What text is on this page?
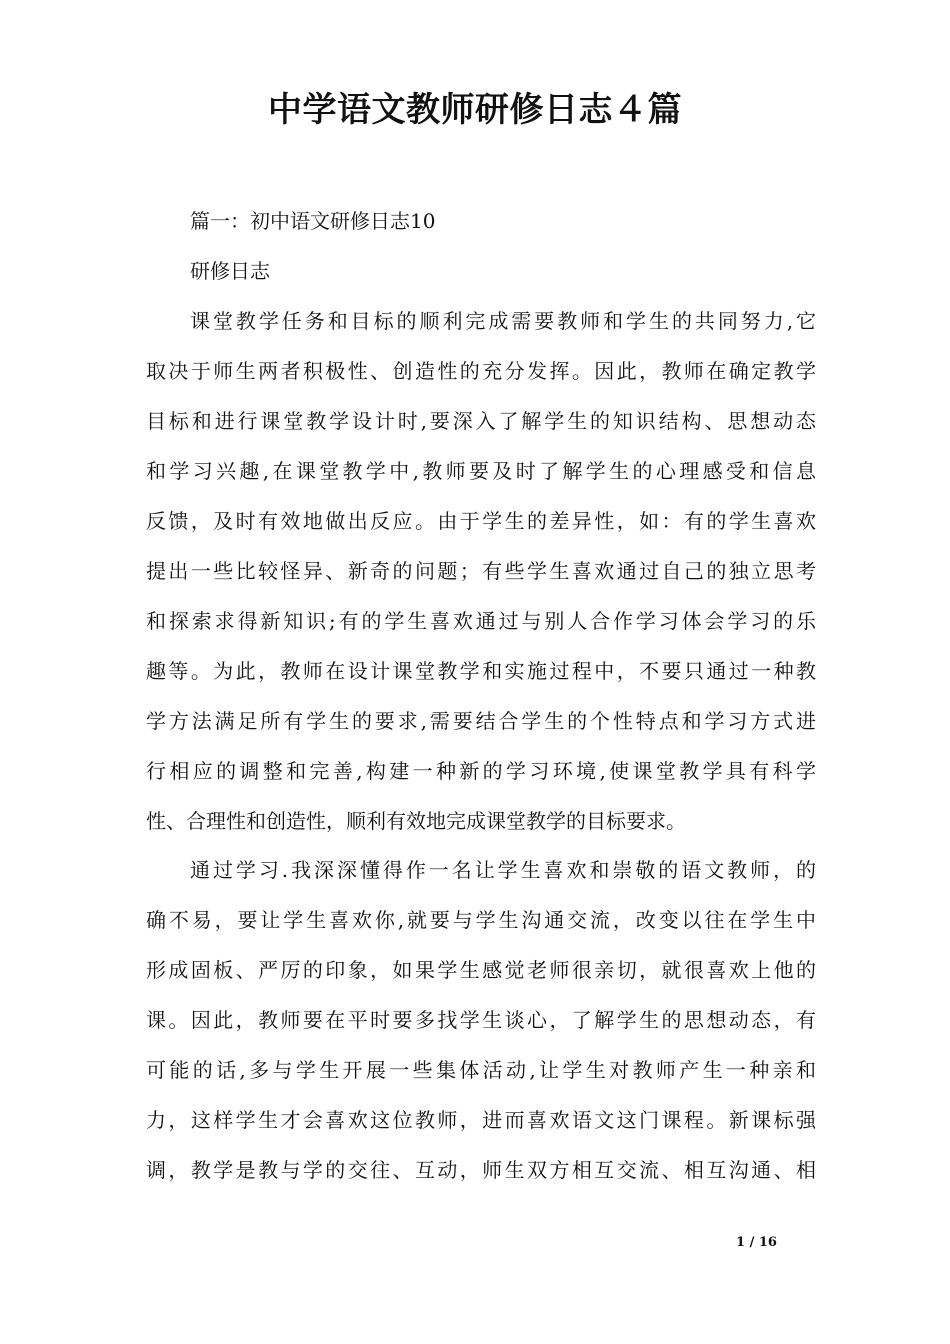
中学语文教师研修日志４篇

篇一：初中语文研修日志10

研修日志

课堂教学任务和目标的顺利完成需要教师和学生的共同努力,它
取决于师生两者积极性、创造性的充分发挥。因此，教师在确定教学
目标和进行课堂教学设计时,要深入了解学生的知识结构、思想动态
和学习兴趣,在课堂教学中,教师要及时了解学生的心理感受和信息
反馈，及时有效地做出反应。由于学生的差异性，如：有的学生喜欢
提出一些比较怪异、新奇的问题；有些学生喜欢通过自己的独立思考
和探索求得新知识;有的学生喜欢通过与别人合作学习体会学习的乐
趣等。为此，教师在设计课堂教学和实施过程中，不要只通过一种教
学方法满足所有学生的要求,需要结合学生的个性特点和学习方式进
行相应的调整和完善,构建一种新的学习环境,使课堂教学具有科学
性、合理性和创造性，顺利有效地完成课堂教学的目标要求。
通过学习.我深深懂得作一名让学生喜欢和崇敬的语文教师，的
确不易，要让学生喜欢你,就要与学生沟通交流，改变以往在学生中
形成固板、严厉的印象，如果学生感觉老师很亲切，就很喜欢上他的
课。因此，教师要在平时要多找学生谈心，了解学生的思想动态，有
可能的话,多与学生开展一些集体活动,让学生对教师产生一种亲和
力，这样学生才会喜欢这位教师，进而喜欢语文这门课程。新课标强
调，教学是教与学的交往、互动，师生双方相互交流、相互沟通、相
1 / 16
